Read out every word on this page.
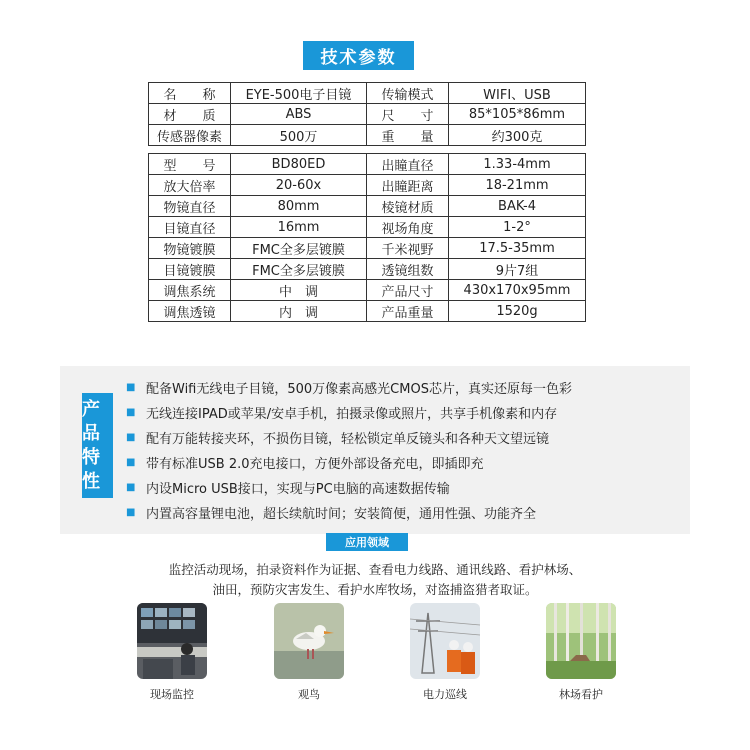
技术参数
名　　称	EYE-500电子目镜	传输模式	WIFI、USB
材　　质	ABS	尺　　寸	85*105*86mm
传感器像素	500万	重　　量	约300克
型　　号	BD80ED	出瞳直径	1.33-4mm
放大倍率	20-60x	出瞳距离	18-21mm
物镜直径	80mm	棱镜材质	BAK-4
目镜直径	16mm	视场角度	1-2°
物镜镀膜	FMC全多层镀膜	千米视野	17.5-35mm
目镜镀膜	FMC全多层镀膜	透镜组数	9片7组
调焦系统	中　调	产品尺寸	430x170x95mm
调焦透镜	内　调	产品重量	1520g
产品
特性
■ 配备Wifi无线电子目镜，500万像素高感光CMOS芯片，真实还原每一色彩
■ 无线连接IPAD或苹果/安卓手机，拍摄录像或照片，共享手机像素和内存
■ 配有万能转接夹环，不损伤目镜，轻松锁定单反镜头和各种天文望远镜
■ 带有标准USB 2.0充电接口，方便外部设备充电，即插即充
■ 内设Micro USB接口，实现与PC电脑的高速数据传输
■ 内置高容量锂电池，超长续航时间；安装简便，通用性强、功能齐全
应用领域
监控活动现场，拍录资料作为证据、查看电力线路、通讯线路、看护林场、
油田，预防灾害发生、看护水库牧场，对盗捕盗猎者取证。
现场监控	观鸟	电力巡线	林场看护
